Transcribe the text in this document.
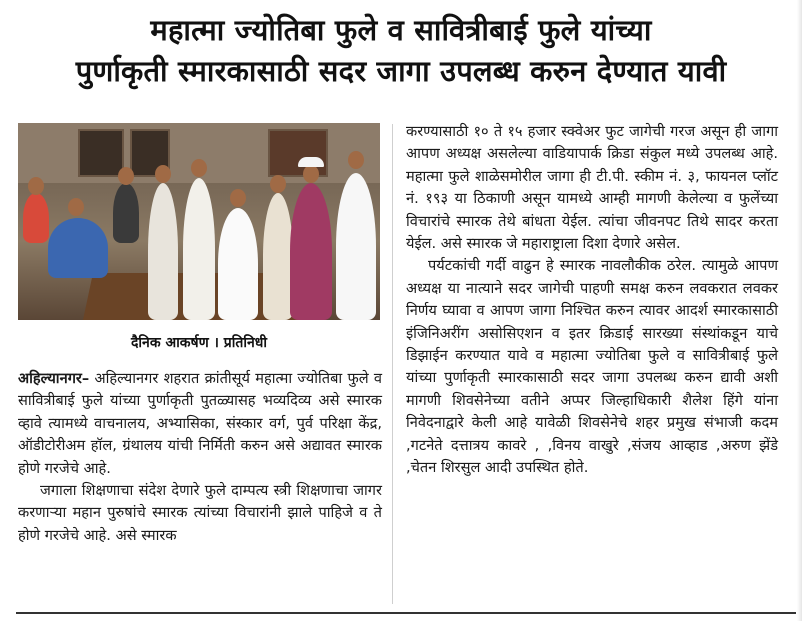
महात्मा ज्योतिबा फुले व सावित्रीबाई फुले यांच्या
पुर्णाकृती स्मारकासाठी सदर जागा उपलब्ध करुन देण्यात यावी
दैनिक आकर्षण । प्रतिनिधी

अहिल्यानगर– अहिल्यानगर शहरात क्रांतीसूर्य महात्मा ज्योतिबा फुले व सावित्रीबाई फुले यांच्या पुर्णाकृती पुतळ्यासह भव्यदिव्य असे स्मारक व्हावे त्यामध्ये वाचनालय, अभ्यासिका, संस्कार वर्ग, पुर्व परिक्षा केंद्र, ऑडीटोरीअम हॉल, ग्रंथालय यांची निर्मिती करुन असे अद्यावत स्मारक होणे गरजेचे आहे.

जगाला शिक्षणाचा संदेश देणारे फुले दाम्पत्य स्त्री शिक्षणाचा जागर करणाऱ्या महान पुरुषांचे स्मारक त्यांच्या विचारांनी झाले पाहिजे व ते होणे गरजेचे आहे. असे स्मारक

करण्यासाठी १० ते १५ हजार स्क्वेअर फुट जागेची गरज असून ही जागा आपण अध्यक्ष असलेल्या वाडियापार्क क्रिडा संकुल मध्ये उपलब्ध आहे. महात्मा फुले शाळेसमोरील जागा ही टी.पी. स्कीम नं. ३, फायनल प्लॉट नं. १९३ या ठिकाणी असून यामध्ये आम्ही मागणी केलेल्या व फुलेंच्या विचारांचे स्मारक तेथे बांधता येईल. त्यांचा जीवनपट तिथे सादर करता येईल. असे स्मारक जे महाराष्ट्राला दिशा देणारे असेल.

पर्यटकांची गर्दी वाढुन हे स्मारक नावलौकीक ठरेल. त्यामुळे आपण अध्यक्ष या नात्याने सदर जागेची पाहणी समक्ष करुन लवकरात लवकर निर्णय घ्यावा व आपण जागा निश्चित करुन त्यावर आदर्श स्मारकासाठी इंजिनिअरींग असोसिएशन व इतर क्रिडाई सारख्या संस्थांकडून याचे डिझाईन करण्यात यावे व महात्मा ज्योतिबा फुले व सावित्रीबाई फुले यांच्या पुर्णाकृती स्मारकासाठी सदर जागा उपलब्ध करुन द्यावी अशी मागणी शिवसेनेच्या वतीने अप्पर जिल्हाधिकारी शैलेश हिंगे यांना निवेदनाद्वारे केली आहे यावेळी शिवसेनेचे शहर प्रमुख संभाजी कदम ,गटनेते दत्तात्रय कावरे , ,विनय वाखुरे ,संजय आव्हाड ,अरुण झेंडे ,चेतन शिरसुल आदी उपस्थित होते.
